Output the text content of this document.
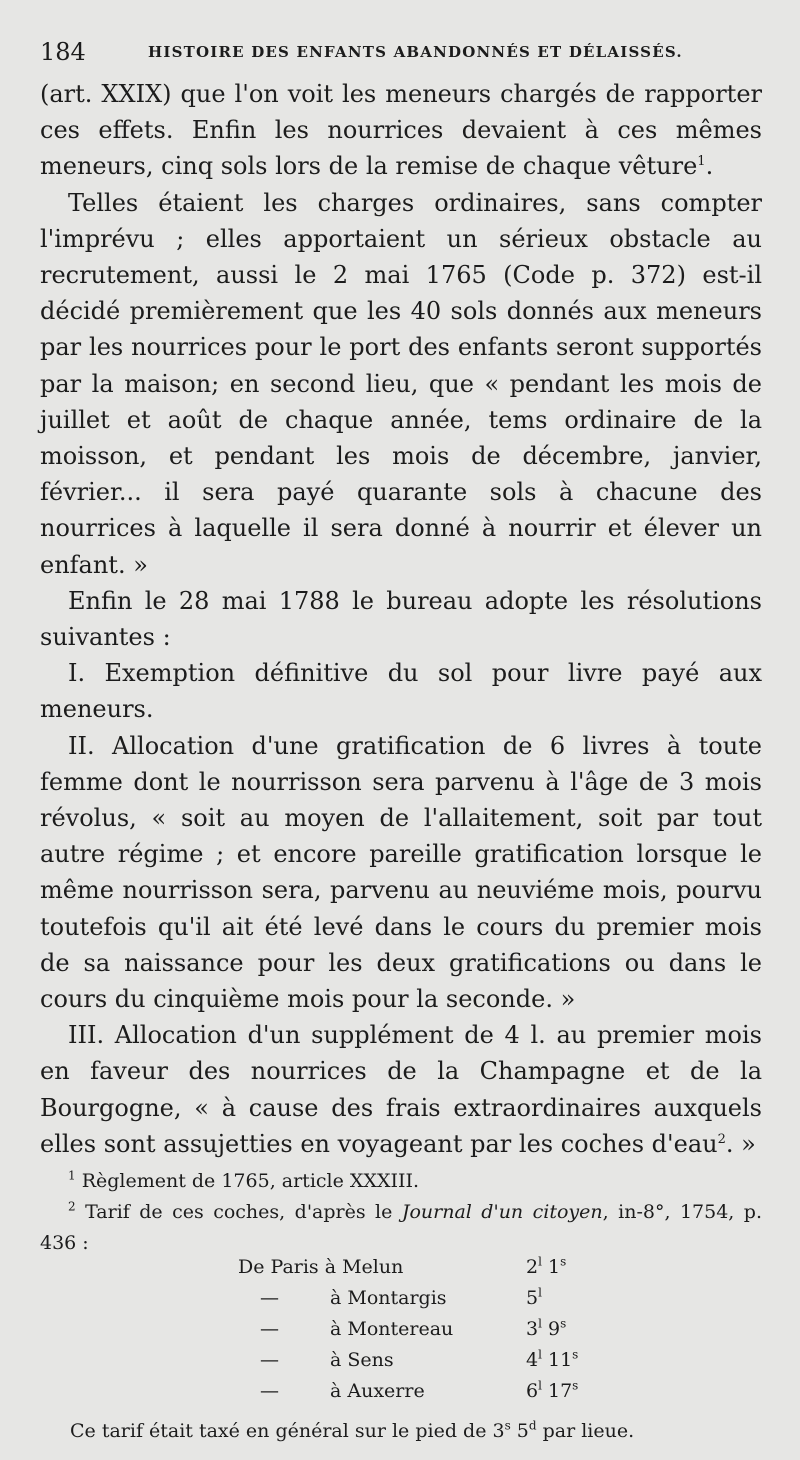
184	HISTOIRE DES ENFANTS ABANDONNÉS ET DÉLAISSÉS.

(art. XXIX) que l'on voit les meneurs chargés de rapporter ces effets. Enfin les nourrices devaient à ces mêmes meneurs, cinq sols lors de la remise de chaque vêture$^1$.

Telles étaient les charges ordinaires, sans compter l'imprévu ; elles apportaient un sérieux obstacle au recrutement, aussi le 2 mai 1765 (Code p. 372) est-il décidé premièrement que les 40 sols donnés aux meneurs par les nourrices pour le port des enfants seront supportés par la maison; en second lieu, que « pendant les mois de juillet et août de chaque année, tems ordinaire de la moisson, et pendant les mois de décembre, janvier, février... il sera payé quarante sols à chacune des nourrices à laquelle il sera donné à nourrir et élever un enfant. »

Enfin le 28 mai 1788 le bureau adopte les résolutions suivantes :

I. Exemption définitive du sol pour livre payé aux meneurs.

II. Allocation d'une gratification de 6 livres à toute femme dont le nourrisson sera parvenu à l'âge de 3 mois révolus, « soit au moyen de l'allaitement, soit par tout autre régime ; et encore pareille gratification lorsque le même nourrisson sera, parvenu au neuviéme mois, pourvu toutefois qu'il ait été levé dans le cours du premier mois de sa naissance pour les deux gratifications ou dans le cours du cinquième mois pour la seconde. »

III. Allocation d'un supplément de 4 l. au premier mois en faveur des nourrices de la Champagne et de la Bourgogne, « à cause des frais extraordinaires auxquels elles sont assujetties en voyageant par les coches d'eau$^2$. »

$^1$ Règlement de 1765, article XXXIII.

$^2$ Tarif de ces coches, d'après le Journal d'un citoyen, in-8°, 1754, p. 436 :

De Paris à Melun	2$^l$ 1$^s$
—	à Montargis	5$^l$
—	à Montereau	3$^l$ 9$^s$
—	à Sens	4$^l$ 11$^s$
—	à Auxerre	6$^l$ 17$^s$
Ce tarif était taxé en général sur le pied de 3$^s$ 5$^d$ par lieue.
